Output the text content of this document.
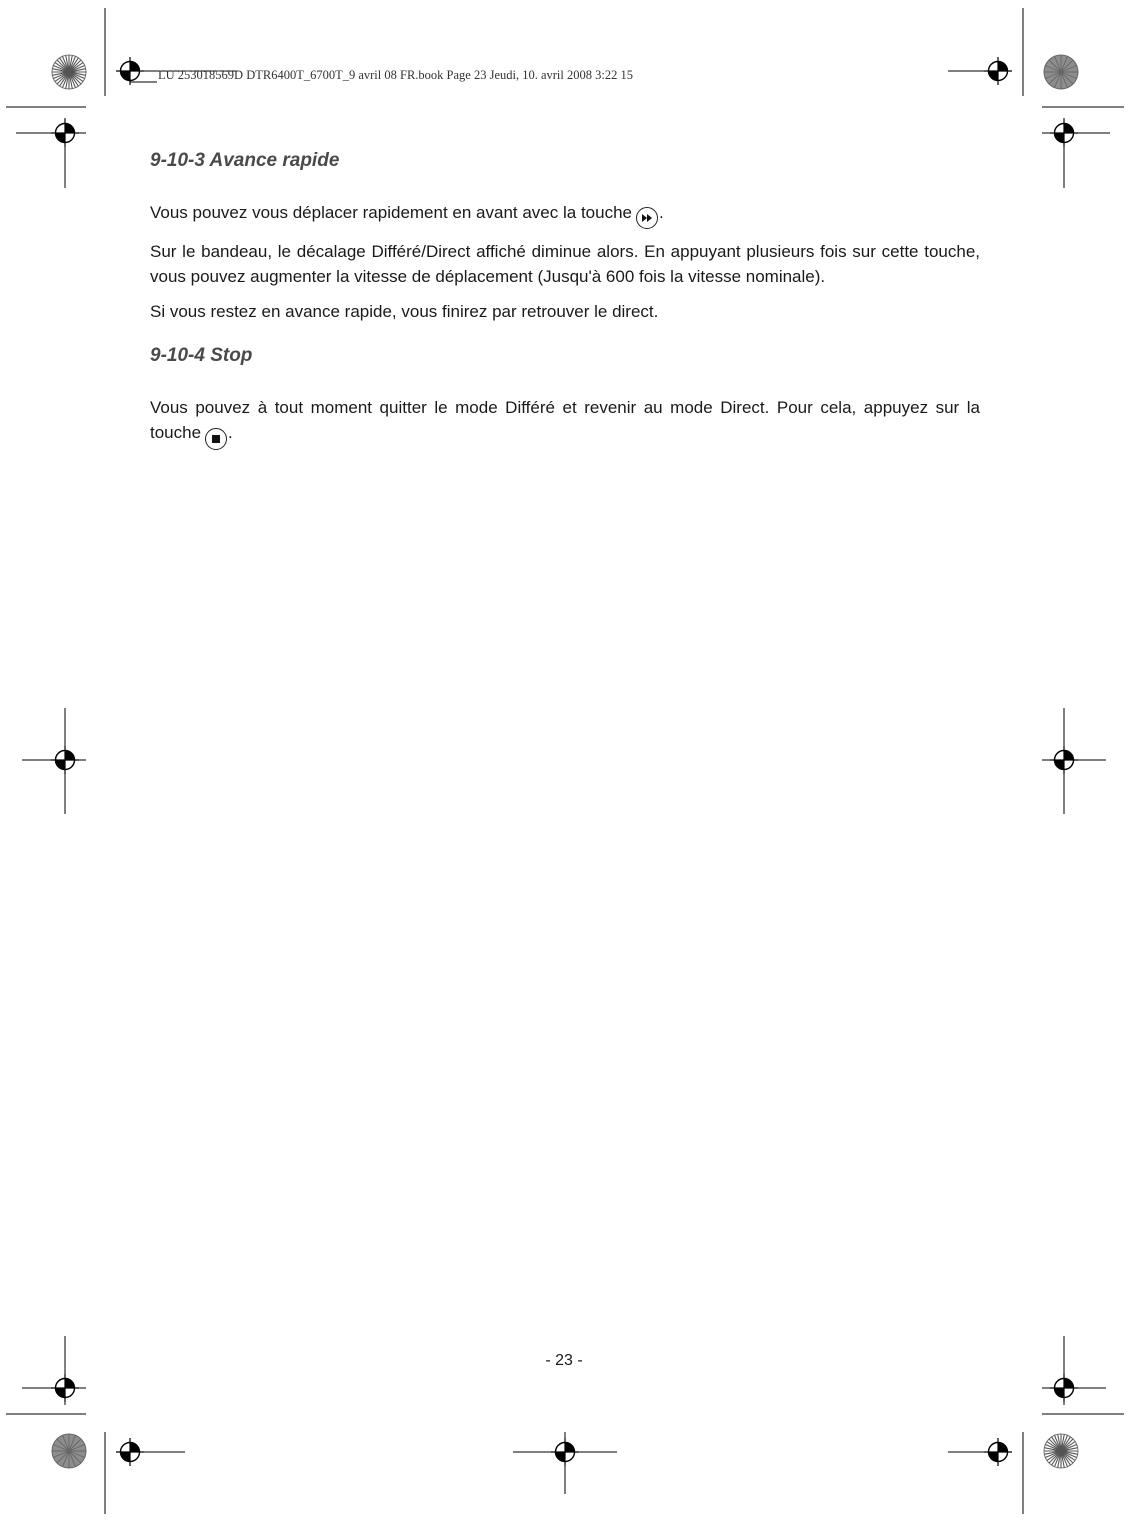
LU 253018569D DTR6400T_6700T_9 avril 08 FR.book Page 23 Jeudi, 10. avril 2008 3:22 15

9-10-3 Avance rapide

Vous pouvez vous déplacer rapidement en avant avec la touche .

Sur le bandeau, le décalage Différé/Direct affiché diminue alors. En appuyant plusieurs fois sur cette touche, vous pouvez augmenter la vitesse de déplacement (Jusqu'à 600 fois la vitesse nominale).

Si vous restez en avance rapide, vous finirez par retrouver le direct.

9-10-4 Stop

Vous pouvez à tout moment quitter le mode Différé et revenir au mode Direct. Pour cela, appuyez sur la touche .

- 23 -
